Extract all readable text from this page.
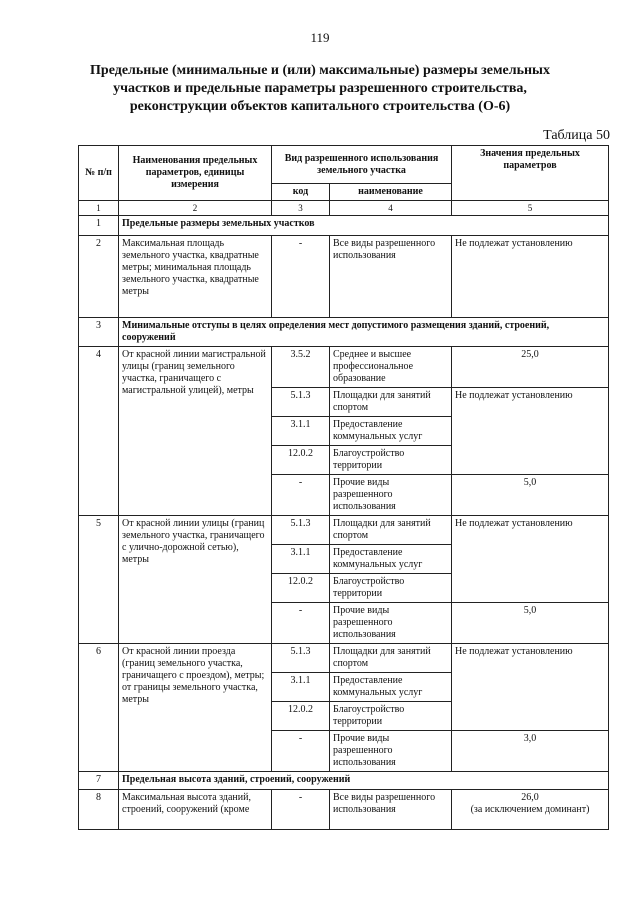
119
Предельные (минимальные и (или) максимальные) размеры земельных
участков и предельные параметры разрешенного строительства,
реконструкции объектов капитального строительства (О-6)
Таблица 50
№ п/п	Наименования предельных параметров, единицы измерения	Вид разрешенного использования земельного участка		Значения предельных параметров
		код	наименование	
1	2	3	4	5
1	Предельные размеры земельных участков			
2	Максимальная площадь земельного участка, квадратные метры; минимальная площадь земельного участка, квадратные метры	-	Все виды разрешенного использования	Не подлежат установлению
3	Минимальные отступы в целях определения мест допустимого размещения зданий, строений, сооружений			
4	От красной линии магистральной улицы (границ земельного участка, граничащего с магистральной улицей), метры	3.5.2	Среднее и высшее профессиональное образование	25,0
		5.1.3	Площадки для занятий спортом	Не подлежат установлению
		3.1.1	Предоставление коммунальных услуг	
		12.0.2	Благоустройство территории	
		-	Прочие виды разрешенного использования	5,0
5	От красной линии улицы (границ земельного участка, граничащего с улично-дорожной сетью), метры	5.1.3	Площадки для занятий спортом	Не подлежат установлению
		3.1.1	Предоставление коммунальных услуг	
		12.0.2	Благоустройство территории	
		-	Прочие виды разрешенного использования	5,0
6	От красной линии проезда (границ земельного участка, граничащего с проездом), метры; от границы земельного участка, метры	5.1.3	Площадки для занятий спортом	Не подлежат установлению
		3.1.1	Предоставление коммунальных услуг	
		12.0.2	Благоустройство территории	
		-	Прочие виды разрешенного использования	3,0
7	Предельная высота зданий, строений, сооружений			
8	Максимальная высота зданий, строений, сооружений (кроме	-	Все виды разрешенного использования	26,0
(за исключением доминант)
